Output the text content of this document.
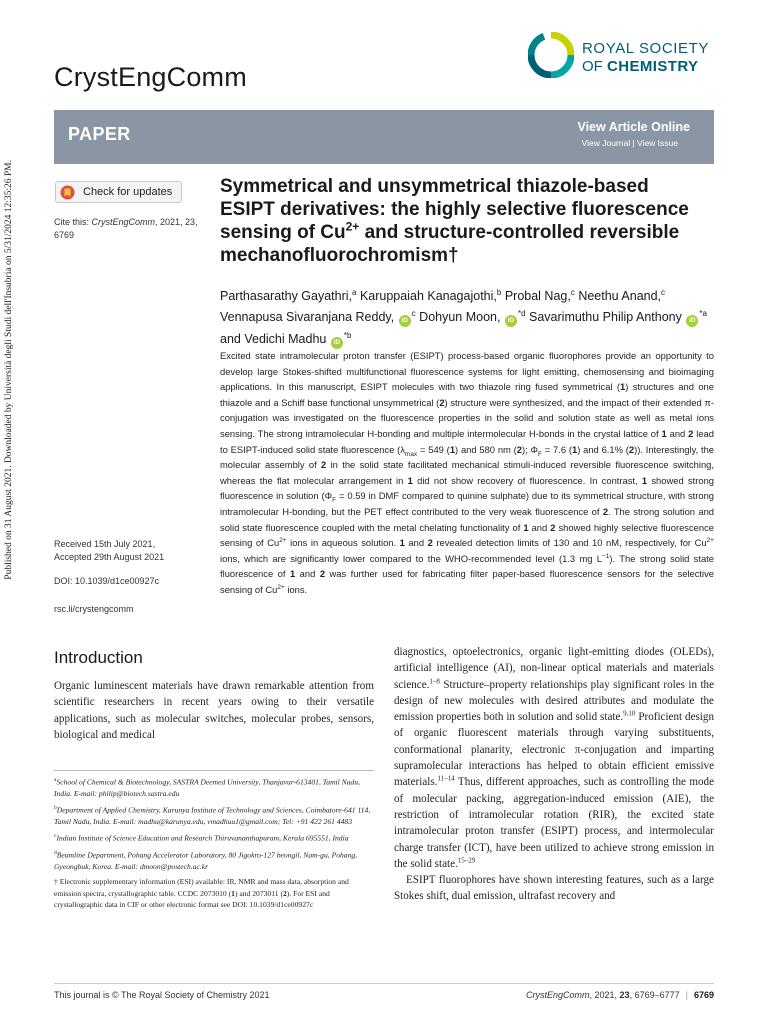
Published on 31 August 2021. Downloaded by Università degli Studi dell'Insubria on 5/31/2024 12:35:26 PM.
CrystEngComm
ROYAL SOCIETY
OF CHEMISTRY
PAPER	View Article Online
View Journal | View Issue
Check for updates
Cite this: CrystEngComm, 2021, 23, 6769
Received 15th July 2021,
Accepted 29th August 2021
DOI: 10.1039/d1ce00927c
rsc.li/crystengcomm
Symmetrical and unsymmetrical thiazole-based ESIPT derivatives: the highly selective fluorescence sensing of $Cu^{2+}$ and structure-controlled reversible mechanofluorochromism†
Parthasarathy Gayathri,$^a$ Karuppaiah Kanagajothi,$^b$ Probal Nag,$^c$ Neethu Anand,$^c$ Vennapusa Sivaranjana Reddy, $iD^c$ Dohyun Moon, $iD^{*d}$ Savarimuthu Philip Anthony $iD^{*a}$ and Vedichi Madhu $iD^{*b}$
Excited state intramolecular proton transfer (ESIPT) process-based organic fluorophores provide an opportunity to develop large Stokes-shifted multifunctional fluorescence systems for light emitting, chemosensing and bioimaging applications. In this manuscript, ESIPT molecules with two thiazole ring fused symmetrical (1) structures and one thiazole and a Schiff base functional unsymmetrical (2) structure were synthesized, and the impact of their extended π-conjugation was investigated on the fluorescence properties in the solid and solution state as well as metal ions sensing. The strong intramolecular H-bonding and multiple intermolecular H-bonds in the crystal lattice of 1 and 2 lead to ESIPT-induced solid state fluorescence ($\lambda_{max} = 549$ (1) and 580 nm (2); $\Phi_F = 7.6$ (1) and 6.1% (2)). Interestingly, the molecular assembly of 2 in the solid state facilitated mechanical stimuli-induced reversible fluorescence switching, whereas the flat molecular arrangement in 1 did not show recovery of fluorescence. In contrast, 1 showed strong fluorescence in solution ($\Phi_F = 0.59$ in DMF compared to quinine sulphate) due to its symmetrical structure, with strong intramolecular H-bonding, but the PET effect contributed to the very weak fluorescence of 2. The strong solution and solid state fluorescence coupled with the metal chelating functionality of 1 and 2 showed highly selective fluorescence sensing of $Cu^{2+}$ ions in aqueous solution. 1 and 2 revealed detection limits of 130 and 10 nM, respectively, for $Cu^{2+}$ ions, which are significantly lower compared to the WHO-recommended level (1.3 mg $L^{-1}$). The strong solid state fluorescence of 1 and 2 was further used for fabricating filter paper-based fluorescence sensors for the selective sensing of $Cu^{2+}$ ions.
Introduction

Organic luminescent materials have drawn remarkable attention from scientific researchers in recent years owing to their versatile applications, such as molecular switches, molecular probes, sensors, biological and medical

diagnostics, optoelectronics, organic light-emitting diodes (OLEDs), artificial intelligence (AI), non-linear optical materials and materials science.$^{1-8}$ Structure–property relationships play significant roles in the design of new molecules with desired attributes and modulate the emission properties both in solution and solid state.$^{9,10}$ Proficient design of organic fluorescent materials through varying substituents, conformational planarity, electronic π-conjugation and imparting supramolecular interactions has helped to obtain efficient emissive materials.$^{11-14}$ Thus, different approaches, such as controlling the mode of molecular packing, aggregation-induced emission (AIE), the restriction of intramolecular rotation (RIR), the excited state intramolecular proton transfer (ESIPT) process, and intermolecular charge transfer (ICT), have been utilized to achieve strong emission in the solid state.$^{15-29}$

ESIPT fluorophores have shown interesting features, such as a large Stokes shift, dual emission, ultrafast recovery and

$^a$School of Chemical & Biotechnology, SASTRA Deemed University, Thanjavur-613401, Tamil Nadu, India. E-mail: philip@biotech.sastra.edu
$^b$Department of Applied Chemistry, Karunya Institute of Technology and Sciences, Coimbatore-641 114, Tamil Nadu, India. E-mail: madhu@karunya.edu, vmadhuu1@gmail.com; Tel: +91 422 261 4483
$^c$Indian Institute of Science Education and Research Thiruvananthapuram, Kerala 695551, India
$^d$Beamline Department, Pohang Accelerator Laboratory, 80 Jigokro-127 beongil, Nam-gu, Pohang, Gyeongbuk, Korea. E-mail: dmoon@postech.ac.kr
† Electronic supplementary information (ESI) available: IR, NMR and mass data, absorption and emission spectra, crystallographic table. CCDC 2073010 (1) and 2073011 (2). For ESI and crystallographic data in CIF or other electronic format see DOI: 10.1039/d1ce00927c
This journal is © The Royal Society of Chemistry 2021	CrystEngComm, 2021, 23, 6769–6777 | 6769
